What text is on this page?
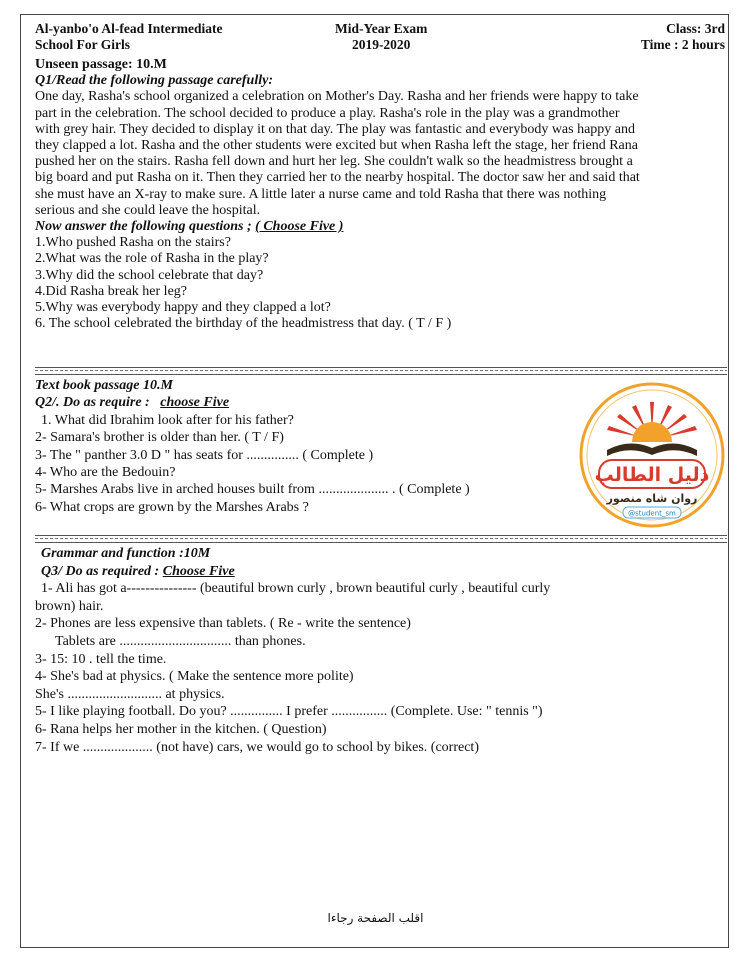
Al-yanbo'o Al-fead Intermediate
School For Girls
Mid-Year Exam
2019-2020
Class: 3rd
Time : 2 hours
Unseen passage: 10.M
Q1/Read the following passage carefully:
One day, Rasha's school organized a celebration on Mother's Day. Rasha and her friends were happy to take
part in the celebration. The school decided to produce a play. Rasha's role in the play was a grandmother
with grey hair. They decided to display it on that day. The play was fantastic and everybody was happy and
they clapped a lot. Rasha and the other students were excited but when Rasha left the stage, her friend Rana
pushed her on the stairs. Rasha fell down and hurt her leg. She couldn't walk so the headmistress brought a
big board and put Rasha on it. Then they carried her to the nearby hospital. The doctor saw her and said that
she must have an X-ray to make sure. A little later a nurse came and told Rasha that there was nothing
serious and she could leave the hospital.
Now answer the following questions ; ( Choose Five )
1.Who pushed Rasha on the stairs?
2.What was the role of Rasha in the play?
3.Why did the school celebrate that day?
4.Did Rasha break her leg?
5.Why was everybody happy and they clapped a lot?
6. The school celebrated the birthday of the headmistress that day. ( T / F )
Text book passage 10.M
Q2/. Do as require : choose Five
1. What did Ibrahim look after for his father?
2- Samara's brother is older than her. ( T / F)
3- The " panther 3.0 D " has seats for ............... ( Complete )
4- Who are the Bedouin?
5- Marshes Arabs live in arched houses built from .................... . ( Complete )
6- What crops are grown by the Marshes Arabs ?
دليل الطالب
روان شاه منصور
@student_sm
Grammar and function :10M
Q3/ Do as required : Choose Five
1- Ali has got a--------------- (beautiful brown curly , brown beautiful curly , beautiful curly
brown) hair.
2- Phones are less expensive than tablets. ( Re - write the sentence)
Tablets are ................................ than phones.
3- 15: 10 . tell the time.
4- She's bad at physics. ( Make the sentence more polite)
She's ........................... at physics.
5- I like playing football. Do you? ............... I prefer ................ (Complete. Use: " tennis ")
6- Rana helps her mother in the kitchen. ( Question)
7- If we .................... (not have) cars, we would go to school by bikes. (correct)
اقلب الصفحة رجاءا
